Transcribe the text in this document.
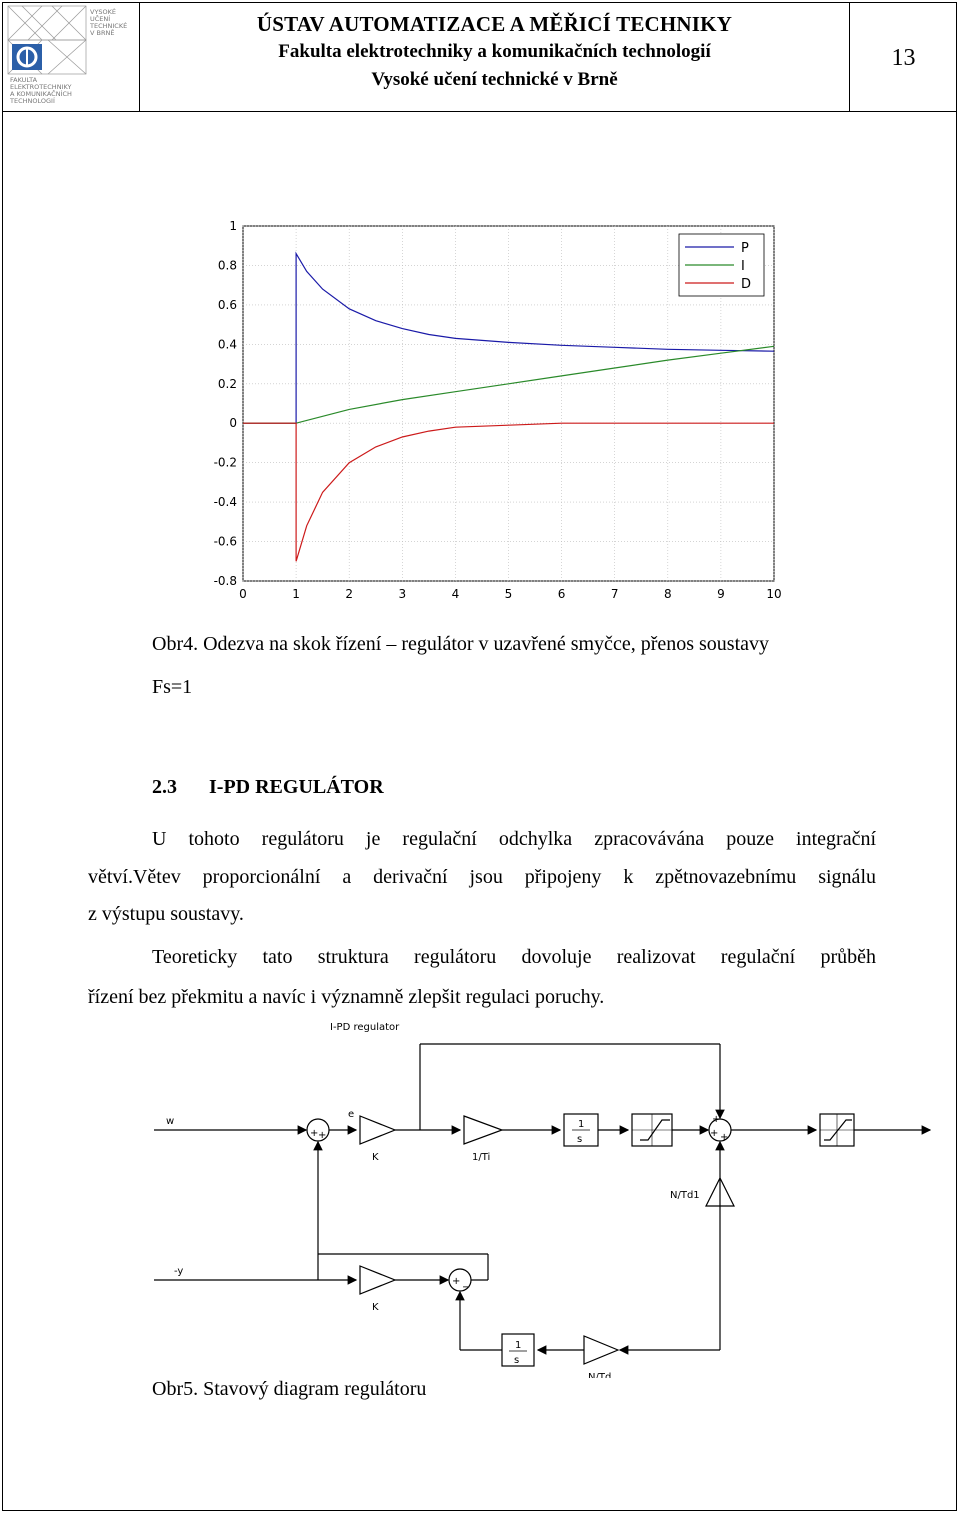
VYSOKÉ
UČENÍ
TECHNICKÉ
V BRNĚ
FAKULTA
ELEKTROTECHNIKY
A KOMUNIKAČNÍCH
TECHNOLOGIÍ
ÚSTAV AUTOMATIZACE A MĚŘICÍ TECHNIKY
Fakulta elektrotechniky a komunikačních technologií
Vysoké učení technické v Brně
13
0	1	2	3	4	5	6	7	8	9	10
1
0.8
0.6
0.4
0.2
0
-0.2
-0.4
-0.6
-0.8
P
I
D
Obr4. Odezva na skok řízení – regulátor v uzavřené smyčce, přenos soustavy
Fs=1
2.3 I-PD REGULÁTOR
U tohoto regulátoru je regulační odchylka zpracovávána pouze integrační
větví.Větev proporcionální a derivační jsou připojeny k zpětnovazebnímu signálu
z výstupu soustavy.
Teoreticky tato struktura regulátoru dovoluje realizovat regulační průběh
řízení bez překmitu a navíc i významně zlepšit regulaci poruchy.
I-PD regulator
w
e
K	1/Ti
N/Td1
-y
K
N/Td
1
s
1
s
+ +
+
+ +
+
−
Obr5. Stavový diagram regulátoru
